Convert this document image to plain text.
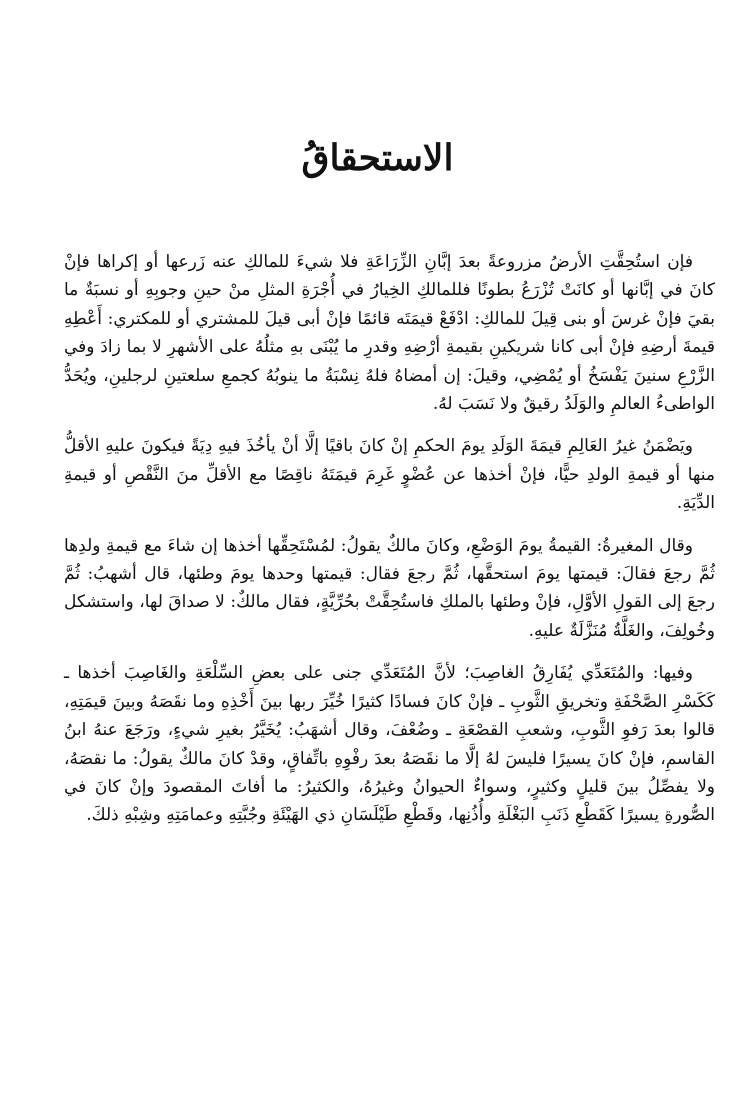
الاستحقاقُ

فإن استُحِقَّتِ الأرضُ مزروعةً بعدَ إبَّانِ الزِّرَاعَةِ فلا شيءَ للمالكِ عنه زَرعها أو إكراها فإنْ كانَ في إبَّانها أو كانَتْ تُزْرَعُ بطونًا فللمالكِ الخِيارُ في أُجْرَةِ المثلِ منْ حينِ وجوبِهِ أو نسبَةٌ ما بقيَ فإنْ غرسَ أو بنى قِيلَ للمالكِ: ادْفَعْ قيمَتَه قائمًا فإنْ أبى قيلَ للمشتري أو للمكتري: أَعْطِهِ قيمةَ أرضِهِ فإنْ أبى كانا شريكينِ بقيمةِ أرْضِهِ وقدرِ ما يُبْنَى بهِ مثلُهُ على الأشهرِ لا بما زادَ وفي الزَّرْعِ سنينَ يَفْسَخُ أو يُمْضِي، وقيلَ: إن أمضاهُ فلهُ نِسْبَةُ ما ينوبُهُ كجمعِ سلعتينِ لرجلينِ، ويُحَدُّ الواطىءُ العالمِ والوَلَدُ رقيقٌ ولا نَسَبَ لهُ.

ويَضْمَنُ غيرُ العَالِمِ قيمَةَ الوَلَدِ يومَ الحكمِ إنْ كانَ باقيًا إلَّا أنْ يأخُذَ فيهِ دِيَةً فيكونَ عليهِ الأقلُّ منها أو قيمةِ الولدِ حيًّا، فإنْ أخذها عن عُضْوٍ غَرِمَ قيمَتَهُ ناقِصًا مع الأقلِّ منَ النَّقْصِ أو قيمةِ الدِّيَةِ.

وقال المغيرةُ: القيمةُ يومَ الوَضْعِ، وكانَ مالكٌ يقولُ: لمُسْتَحِقِّها أخذها إن شاءَ مع قيمةِ ولدِها ثُمَّ رجعَ فقالَ: قيمتها يومَ استحقَّها، ثُمَّ رجعَ فقال: قيمتها وحدها يومَ وطئها، قال أشهبُ: ثُمَّ رجعَ إلى القولِ الأوَّلِ، فإنْ وطئها بالملكِ فاستُحِقَّتْ بحُرِّيَّةٍ، فقال مالكٌ: لا صداقَ لها، واستشكل وخُولِفَ، والغَلَّةُ مُنَزَّلَةٌ عليهِ.

وفيها: والمُتَعَدِّي يُفَارِقُ الغاصِبَ؛ لأنَّ المُتَعَدِّي جنى على بعضِ السِّلْعَةِ والغَاصِبَ أخذها ـ كَكَسْرِ الصَّحْفَةِ وتخريقِ الثَّوبِ ـ فإنْ كانَ فسادًا كثيرًا خُيِّرَ ربها بينَ أَخْذِهِ وما نقَصَهُ وبينَ قيمَتِهِ، قالوا بعدَ رَفوِ الثَّوبِ، وشعبِ القصْعَةِ ـ وضُعْفَ، وقال أشهَبُ: يُخَيَّرُ بغيرِ شيءٍ، ورَجَعَ عنهُ ابنُ القاسمِ، فإنْ كانَ يسيرًا فليسَ لهُ إلَّا ما نقَصَهُ بعدَ رفْوِهِ باتِّفاقٍ، وقدْ كانَ مالكٌ يقولُ: ما نقصَهُ، ولا يفصِّلُ بينَ قليلٍ وكثيرٍ، وسواءٌ الحيوانُ وغيرُهُ، والكثيرُ: ما أفاتَ المقصودَ وإنْ كانَ في الصُّورةِ يسيرًا كَقَطْعِ ذَنَبِ البَغْلَةِ وأُذُنِها، وقَطْعِ طَيْلَسَانِ ذي الهَيْئَةِ وجُبَّتِهِ وعمامَتِهِ وشِبْهِ ذلكَ.
